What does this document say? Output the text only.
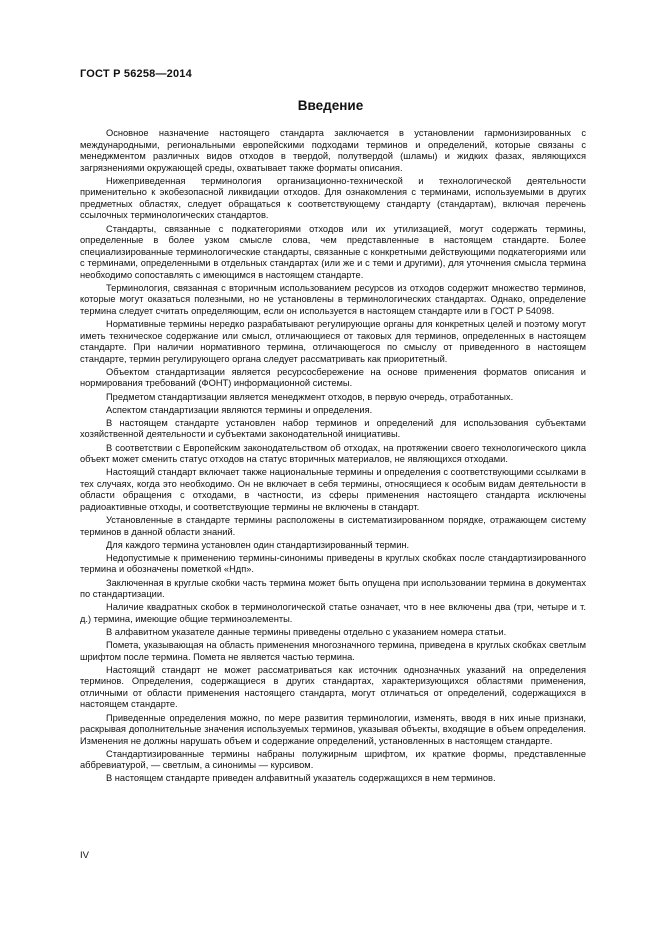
ГОСТ Р 56258—2014
Введение

Основное назначение настоящего стандарта заключается в установлении гармонизированных с международными, региональными европейскими подходами терминов и определений, которые связаны с менеджментом различных видов отходов в твердой, полутвердой (шламы) и жидких фазах, являющихся загрязнениями окружающей среды, охватывает также форматы описания.

Нижеприведенная терминология организационно-технической и технологической деятельности применительно к экобезопасной ликвидации отходов. Для ознакомления с терминами, используемыми в других предметных областях, следует обращаться к соответствующему стандарту (стандартам), включая перечень ссылочных терминологических стандартов.

Стандарты, связанные с подкатегориями отходов или их утилизацией, могут содержать термины, определенные в более узком смысле слова, чем представленные в настоящем стандарте. Более специализированные терминологические стандарты, связанные с конкретными действующими подкатегориями или с терминами, определенными в отдельных стандартах (или же и с теми и другими), для уточнения смысла термина необходимо сопоставлять с имеющимся в настоящем стандарте.

Терминология, связанная с вторичным использованием ресурсов из отходов содержит множество терминов, которые могут оказаться полезными, но не установлены в терминологических стандартах. Однако, определение термина следует считать определяющим, если он используется в настоящем стандарте или в ГОСТ Р 54098.

Нормативные термины нередко разрабатывают регулирующие органы для конкретных целей и поэтому могут иметь техническое содержание или смысл, отличающиеся от таковых для терминов, определенных в настоящем стандарте. При наличии нормативного термина, отличающегося по смыслу от приведенного в настоящем стандарте, термин регулирующего органа следует рассматривать как приоритетный.

Объектом стандартизации является ресурсосбережение на основе применения форматов описания и нормирования требований (ФОНТ) информационной системы.

Предметом стандартизации является менеджмент отходов, в первую очередь, отработанных.

Аспектом стандартизации являются термины и определения.

В настоящем стандарте установлен набор терминов и определений для использования субъектами хозяйственной деятельности и субъектами законодательной инициативы.

В соответствии с Европейским законодательством об отходах, на протяжении своего технологического цикла объект может сменить статус отходов на статус вторичных материалов, не являющихся отходами.

Настоящий стандарт включает также национальные термины и определения с соответствующими ссылками в тех случаях, когда это необходимо. Он не включает в себя термины, относящиеся к особым видам деятельности в области обращения с отходами, в частности, из сферы применения настоящего стандарта исключены радиоактивные отходы, и соответствующие термины не включены в стандарт.

Установленные в стандарте термины расположены в систематизированном порядке, отражающем систему терминов в данной области знаний.

Для каждого термина установлен один стандартизированный термин.

Недопустимые к применению термины-синонимы приведены в круглых скобках после стандартизированного термина и обозначены пометкой «Ндп».

Заключенная в круглые скобки часть термина может быть опущена при использовании термина в документах по стандартизации.

Наличие квадратных скобок в терминологической статье означает, что в нее включены два (три, четыре и т. д.) термина, имеющие общие терминоэлементы.

В алфавитном указателе данные термины приведены отдельно с указанием номера статьи.

Помета, указывающая на область применения многозначного термина, приведена в круглых скобках светлым шрифтом после термина. Помета не является частью термина.

Настоящий стандарт не может рассматриваться как источник однозначных указаний на определения терминов. Определения, содержащиеся в других стандартах, характеризующихся областями применения, отличными от области применения настоящего стандарта, могут отличаться от определений, содержащихся в настоящем стандарте.

Приведенные определения можно, по мере развития терминологии, изменять, вводя в них иные признаки, раскрывая дополнительные значения используемых терминов, указывая объекты, входящие в объем определения. Изменения не должны нарушать объем и содержание определений, установленных в настоящем стандарте.

Стандартизированные термины набраны полужирным шрифтом, их краткие формы, представленные аббревиатурой, — светлым, а синонимы — курсивом.

В настоящем стандарте приведен алфавитный указатель содержащихся в нем терминов.

IV
